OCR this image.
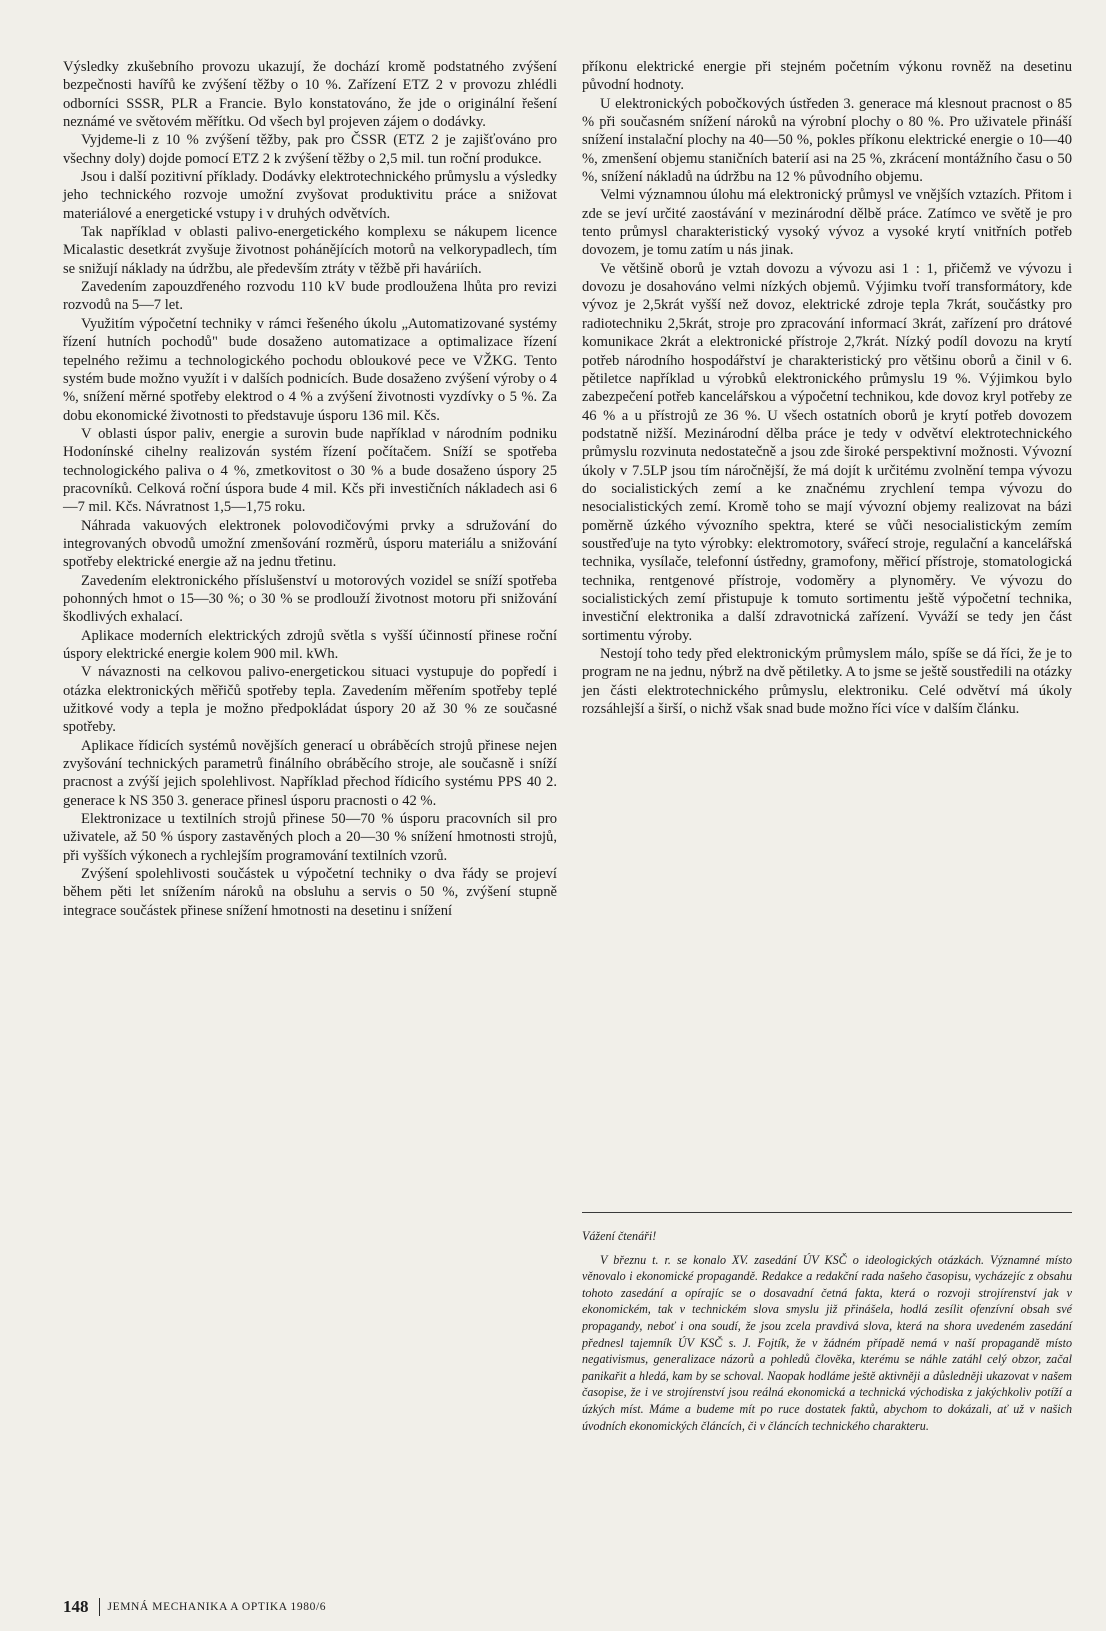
Výsledky zkušebního provozu ukazují, že dochází kromě podstatného zvýšení bezpečnosti havířů ke zvýšení těžby o 10 %. Zařízení ETZ 2 v provozu zhlédli odborníci SSSR, PLR a Francie. Bylo konstatováno, že jde o originální řešení neznámé ve světovém měřítku. Od všech byl projeven zájem o dodávky.

Vyjdeme-li z 10 % zvýšení těžby, pak pro ČSSR (ETZ 2 je zajišťováno pro všechny doly) dojde pomocí ETZ 2 k zvýšení těžby o 2,5 mil. tun roční produkce.

Jsou i další pozitivní příklady. Dodávky elektrotechnického průmyslu a výsledky jeho technického rozvoje umožní zvyšovat produktivitu práce a snižovat materiálové a energetické vstupy i v druhých odvětvích.

Tak například v oblasti palivo-energetického komplexu se nákupem licence Micalastic desetkrát zvyšuje životnost pohánějících motorů na velkorypadlech, tím se snižují náklady na údržbu, ale především ztráty v těžbě při haváriích.

Zavedením zapouzdřeného rozvodu 110 kV bude prodloužena lhůta pro revizi rozvodů na 5—7 let.

Využitím výpočetní techniky v rámci řešeného úkolu „Automatizované systémy řízení hutních pochodů" bude dosaženo automatizace a optimalizace řízení tepelného režimu a technologického pochodu obloukové pece ve VŽKG. Tento systém bude možno využít i v dalších podnicích. Bude dosaženo zvýšení výroby o 4 %, snížení měrné spotřeby elektrod o 4 % a zvýšení životnosti vyzdívky o 5 %. Za dobu ekonomické životnosti to představuje úsporu 136 mil. Kčs.

V oblasti úspor paliv, energie a surovin bude například v národním podniku Hodonínské cihelny realizován systém řízení počítačem. Sníží se spotřeba technologického paliva o 4 %, zmetkovitost o 30 % a bude dosaženo úspory 25 pracovníků. Celková roční úspora bude 4 mil. Kčs při investičních nákladech asi 6—7 mil. Kčs. Návratnost 1,5—1,75 roku.

Náhrada vakuových elektronek polovodičovými prvky a sdružování do integrovaných obvodů umožní zmenšování rozměrů, úsporu materiálu a snižování spotřeby elektrické energie až na jednu třetinu.

Zavedením elektronického příslušenství u motorových vozidel se sníží spotřeba pohonných hmot o 15—30 %; o 30 % se prodlouží životnost motoru při snižování škodlivých exhalací.

Aplikace moderních elektrických zdrojů světla s vyšší účinností přinese roční úspory elektrické energie kolem 900 mil. kWh.

V návaznosti na celkovou palivo-energetickou situaci vystupuje do popředí i otázka elektronických měřičů spotřeby tepla. Zavedením měřením spotřeby teplé užitkové vody a tepla je možno předpokládat úspory 20 až 30 % ze současné spotřeby.

Aplikace řídicích systémů novějších generací u obráběcích strojů přinese nejen zvyšování technických parametrů finálního obráběcího stroje, ale současně i sníží pracnost a zvýší jejich spolehlivost. Například přechod řídicího systému PPS 40 2. generace k NS 350 3. generace přinesl úsporu pracnosti o 42 %.

Elektronizace u textilních strojů přinese 50—70 % úsporu pracovních sil pro uživatele, až 50 % úspory zastavěných ploch a 20—30 % snížení hmotnosti strojů, při vyšších výkonech a rychlejším programování textilních vzorů.

Zvýšení spolehlivosti součástek u výpočetní techniky o dva řády se projeví během pěti let snížením nároků na obsluhu a servis o 50 %, zvýšení stupně integrace součástek přinese snížení hmotnosti na desetinu i snížení

příkonu elektrické energie při stejném početním výkonu rovněž na desetinu původní hodnoty.

U elektronických pobočkových ústředen 3. generace má klesnout pracnost o 85 % při současném snížení nároků na výrobní plochy o 80 %. Pro uživatele přináší snížení instalační plochy na 40—50 %, pokles příkonu elektrické energie o 10—40 %, zmenšení objemu staničních baterií asi na 25 %, zkrácení montážního času o 50 %, snížení nákladů na údržbu na 12 % původního objemu.

Velmi významnou úlohu má elektronický průmysl ve vnějších vztazích. Přitom i zde se jeví určité zaostávání v mezinárodní dělbě práce. Zatímco ve světě je pro tento průmysl charakteristický vysoký vývoz a vysoké krytí vnitřních potřeb dovozem, je tomu zatím u nás jinak.

Ve většině oborů je vztah dovozu a vývozu asi 1 : 1, přičemž ve vývozu i dovozu je dosahováno velmi nízkých objemů. Výjimku tvoří transformátory, kde vývoz je 2,5krát vyšší než dovoz, elektrické zdroje tepla 7krát, součástky pro radiotechniku 2,5krát, stroje pro zpracování informací 3krát, zařízení pro drátové komunikace 2krát a elektronické přístroje 2,7krát. Nízký podíl dovozu na krytí potřeb národního hospodářství je charakteristický pro většinu oborů a činil v 6. pětiletce například u výrobků elektronického průmyslu 19 %. Výjimkou bylo zabezpečení potřeb kancelářskou a výpočetní technikou, kde dovoz kryl potřeby ze 46 % a u přístrojů ze 36 %. U všech ostatních oborů je krytí potřeb dovozem podstatně nižší. Mezinárodní dělba práce je tedy v odvětví elektrotechnického průmyslu rozvinuta nedostatečně a jsou zde široké perspektivní možnosti. Vývozní úkoly v 7.5LP jsou tím náročnější, že má dojít k určitému zvolnění tempa vývozu do socialistických zemí a ke značnému zrychlení tempa vývozu do nesocialistických zemí. Kromě toho se mají vývozní objemy realizovat na bázi poměrně úzkého vývozního spektra, které se vůči nesocialistickým zemím soustřeďuje na tyto výrobky: elektromotory, svářecí stroje, regulační a kancelářská technika, vysílače, telefonní ústředny, gramofony, měřicí přístroje, stomatologická technika, rentgenové přístroje, vodoměry a plynoměry. Ve vývozu do socialistických zemí přistupuje k tomuto sortimentu ještě výpočetní technika, investiční elektronika a další zdravotnická zařízení. Vyváží se tedy jen část sortimentu výroby.

Nestojí toho tedy před elektronickým průmyslem málo, spíše se dá říci, že je to program ne na jednu, nýbrž na dvě pětiletky. A to jsme se ještě soustředili na otázky jen části elektrotechnického průmyslu, elektroniku. Celé odvětví má úkoly rozsáhlejší a širší, o nichž však snad bude možno říci více v dalším článku.

Vážení čtenáři!

V březnu t. r. se konalo XV. zasedání ÚV KSČ o ideologických otázkách. Významné místo věnovalo i ekonomické propagandě. Redakce a redakční rada našeho časopisu, vycházejíc z obsahu tohoto zasedání a opírajíc se o dosavadní četná fakta, která o rozvoji strojírenství jak v ekonomickém, tak v technickém slova smyslu již přinášela, hodlá zesílit ofenzívní obsah své propagandy, neboť i ona soudí, že jsou zcela pravdivá slova, která na shora uvedeném zasedání přednesl tajemník ÚV KSČ s. J. Fojtík, že v žádném případě nemá v naší propagandě místo negativismus, generalizace názorů a pohledů člověka, kterému se náhle zatáhl celý obzor, začal panikařit a hledá, kam by se schoval. Naopak hodláme ještě aktivněji a důsledněji ukazovat v našem časopise, že i ve strojírenství jsou reálná ekonomická a technická východiska z jakýchkoliv potíží a úzkých míst. Máme a budeme mít po ruce dostatek faktů, abychom to dokázali, ať už v našich úvodních ekonomických článcích, či v článcích technického charakteru.

148 JEMNÁ MECHANIKA A OPTIKA 1980/6
